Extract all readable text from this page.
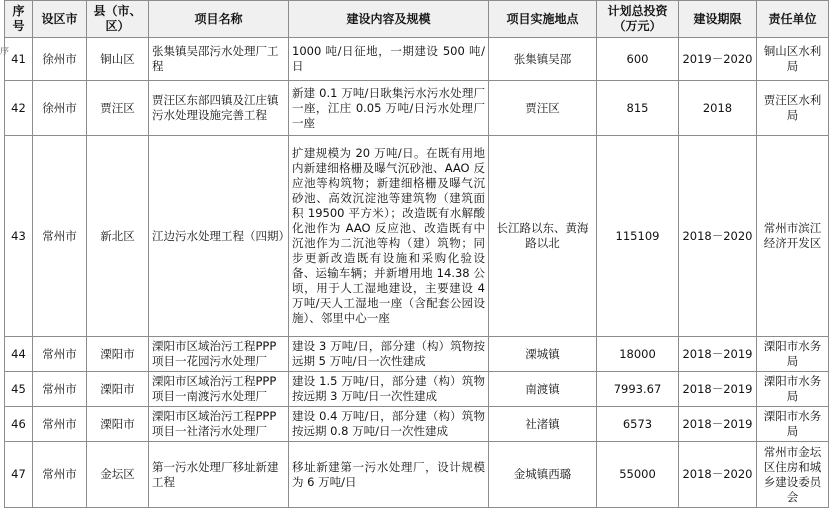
序
序号	设区市	县（市、区）	项目名称	建设内容及规模	项目实施地点	计划总投资（万元）	建设期限	责任单位
41	徐州市	铜山区	张集镇吴邵污水处理厂工程	1000 吨/日征地，一期建设 500 吨/日	张集镇吴邵	600	2019－2020	铜山区水利局
42	徐州市	贾汪区	贾汪区东部四镇及江庄镇污水处理设施完善工程	新建 0.1 万吨/日耿集污水污水处理厂一座，江庄 0.05 万吨/日污水处理厂一座	贾汪区	815	2018	贾汪区水利局
43	常州市	新北区	江边污水处理工程（四期）	扩建规模为 20 万吨/日。在既有用地内新建细格栅及曝气沉砂池、AAO 反应池等构筑物；新建细格栅及曝气沉砂池、高效沉淀池等建筑物（建筑面积 19500 平方米）；改造既有水解酸化池作为 AAO 反应池、改造既有中沉池作为二沉池等构（建）筑物；同步更新改造既有设施和采购化验设备、运输车辆；并新增用地 14.38 公顷，用于人工湿地建设，主要建设 4 万吨/天人工湿地一座（含配套公园设施）、邻里中心一座	长江路以东、黄海路以北	115109	2018－2020	常州市滨江经济开发区
44	常州市	溧阳市	溧阳市区域治污工程PPP项目一花园污水处理厂	建设 3 万吨/日，部分建（构）筑物按远期 5 万吨/日一次性建成	溧城镇	18000	2018－2019	溧阳市水务局
45	常州市	溧阳市	溧阳市区域治污工程PPP项目一南渡污水处理厂	建设 1.5 万吨/日，部分建（构）筑物按远期 3 万吨/日一次性建成	南渡镇	7993.67	2018－2019	溧阳市水务局
46	常州市	溧阳市	溧阳市区域治污工程PPP项目一社渚污水处理厂	建设 0.4 万吨/日，部分建（构）筑物按远期 0.8 万吨/日一次性建成	社渚镇	6573	2018－2019	溧阳市水务局
47	常州市	金坛区	第一污水处理厂移址新建工程	移址新建第一污水处理厂，设计规模为 6 万吨/日	金城镇西璐	55000	2018－2020	常州市金坛区住房和城乡建设委员会
